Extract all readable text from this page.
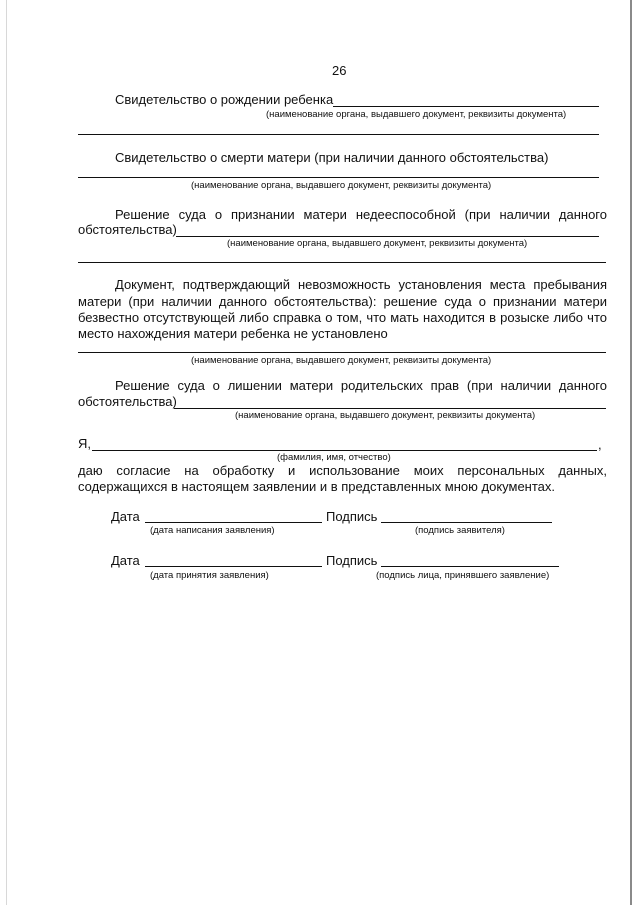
26
Свидетельство о рождении ребенка
(наименование органа, выдавшего документ, реквизиты документа)
Свидетельство о смерти матери (при наличии данного обстоятельства)
(наименование органа, выдавшего документ, реквизиты документа)
Решение суда о признании матери недееспособной (при наличии данного
обстоятельства)
(наименование органа, выдавшего документ, реквизиты документа)
Документ, подтверждающий невозможность установления места пребывания
матери (при наличии данного обстоятельства): решение суда о признании матери
безвестно отсутствующей либо справка о том, что мать находится в розыске либо что
место нахождения матери ребенка не установлено
(наименование органа, выдавшего документ, реквизиты документа)
Решение суда о лишении матери родительских прав (при наличии данного
обстоятельства)
(наименование органа, выдавшего документ, реквизиты документа)
Я,	,
(фамилия, имя, отчество)
даю согласие на обработку и использование моих персональных данных,
содержащихся в настоящем заявлении и в представленных мною документах.
Дата
(дата написания заявления)
Подпись
(подпись заявителя)
Дата
(дата принятия заявления)
Подпись
(подпись лица, принявшего заявление)
